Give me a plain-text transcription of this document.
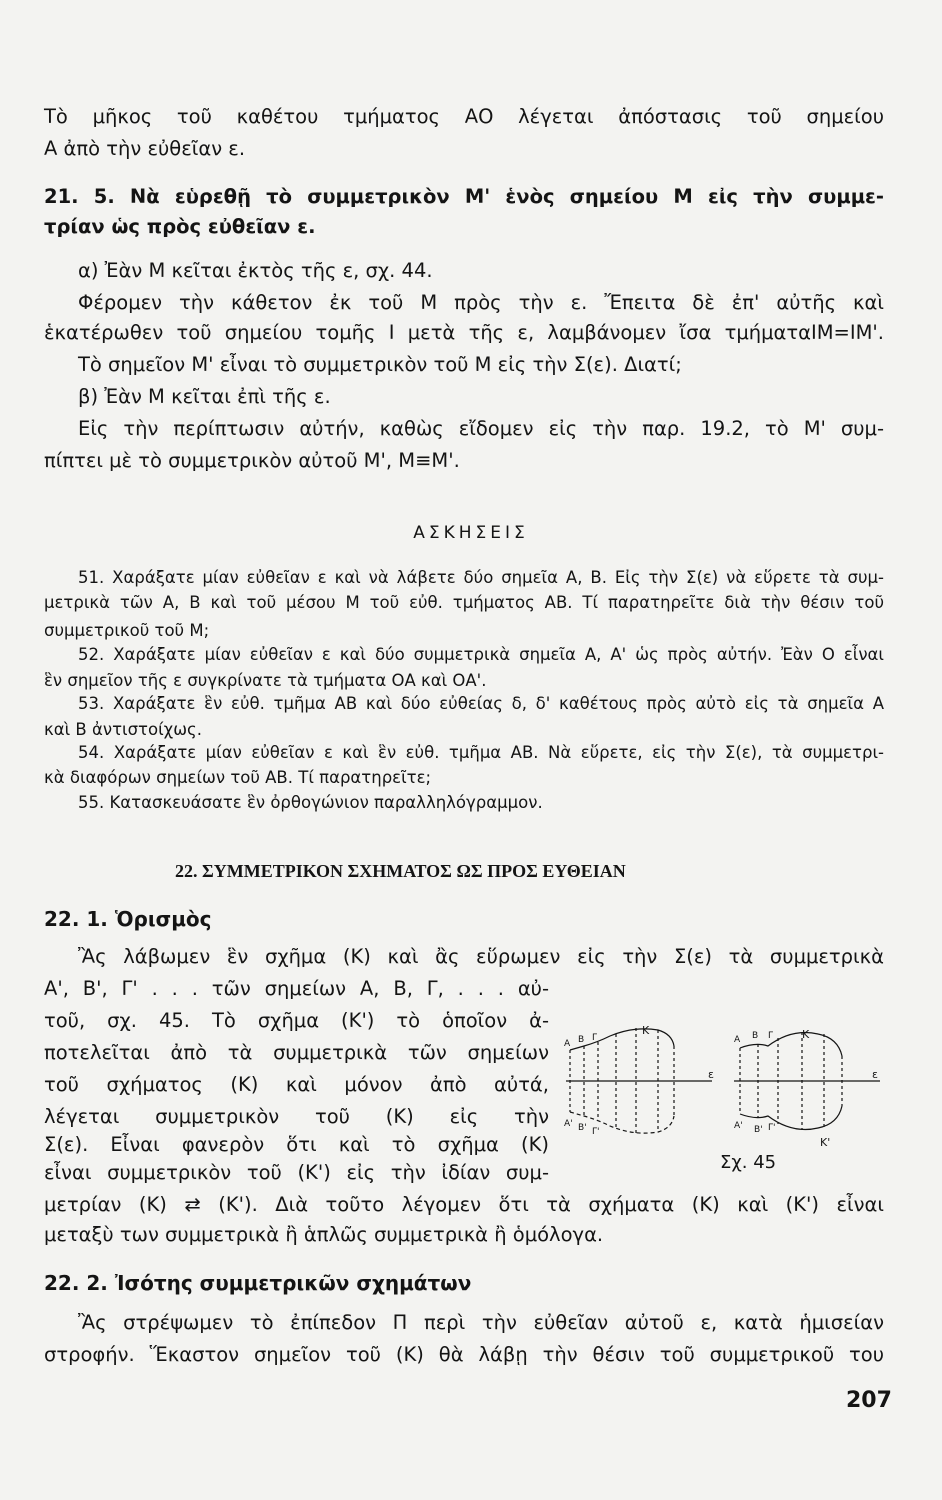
Τὸ μῆκος τοῦ καθέτου τμήματος ΑΟ λέγεται ἀπόστασις τοῦ σημείου
Α ἀπὸ τὴν εὐθεῖαν ε.
21. 5. Νὰ εὑρεθῇ τὸ συμμετρικὸν Μ' ἑνὸς σημείου Μ εἰς τὴν συμμε-
τρίαν ὡς πρὸς εὐθεῖαν ε.
α) Ἐὰν Μ κεῖται ἐκτὸς τῆς ε, σχ. 44.
Φέρομεν τὴν κάθετον ἐκ τοῦ Μ πρὸς τὴν ε. Ἔπειτα δὲ ἐπ' αὐτῆς καὶ
ἑκατέρωθεν τοῦ σημείου τομῆς Ι μετὰ τῆς ε, λαμβάνομεν ἴσα τμήματαΙΜ=ΙΜ'.
Τὸ σημεῖον Μ' εἶναι τὸ συμμετρικὸν τοῦ Μ εἰς τὴν Σ(ε). Διατί;
β) Ἐὰν Μ κεῖται ἐπὶ τῆς ε.
Εἰς τὴν περίπτωσιν αὐτήν, καθὼς εἴδομεν εἰς τὴν παρ. 19.2, τὸ Μ' συμ-
πίπτει μὲ τὸ συμμετρικὸν αὐτοῦ Μ', Μ≡Μ'.
ΑΣΚΗΣΕΙΣ
51. Χαράξατε μίαν εὐθεῖαν ε καὶ νὰ λάβετε δύο σημεῖα Α, Β. Εἰς τὴν Σ(ε) νὰ εὕρετε τὰ συμ-
μετρικὰ τῶν Α, Β καὶ τοῦ μέσου Μ τοῦ εὐθ. τμήματος ΑΒ. Τί παρατηρεῖτε διὰ τὴν θέσιν τοῦ
συμμετρικοῦ τοῦ Μ;
52. Χαράξατε μίαν εὐθεῖαν ε καὶ δύο συμμετρικὰ σημεῖα Α, Α' ὡς πρὸς αὐτήν. Ἐὰν Ο εἶναι
ἓν σημεῖον τῆς ε συγκρίνατε τὰ τμήματα ΟΑ καὶ ΟΑ'.
53. Χαράξατε ἓν εὐθ. τμῆμα ΑΒ καὶ δύο εὐθείας δ, δ' καθέτους πρὸς αὐτὸ εἰς τὰ σημεῖα Α
καὶ Β ἀντιστοίχως.
54. Χαράξατε μίαν εὐθεῖαν ε καὶ ἓν εὐθ. τμῆμα ΑΒ. Νὰ εὕρετε, εἰς τὴν Σ(ε), τὰ συμμετρι-
κὰ διαφόρων σημείων τοῦ ΑΒ. Τί παρατηρεῖτε;
55. Κατασκευάσατε ἓν ὀρθογώνιον παραλληλόγραμμον.
22. ΣΥΜΜΕΤΡΙΚΟΝ ΣΧΗΜΑΤΟΣ ΩΣ ΠΡΟΣ ΕΥΘΕΙΑΝ
22. 1. Ὁρισμὸς
Ἂς λάβωμεν ἓν σχῆμα (Κ) καὶ ἂς εὕρωμεν εἰς τὴν Σ(ε) τὰ συμμετρικὰ
Α', Β', Γ' . . . τῶν σημείων Α, Β, Γ, . . . αὐ-
τοῦ, σχ. 45. Τὸ σχῆμα (Κ') τὸ ὁποῖον ἀ-
ποτελεῖται ἀπὸ τὰ συμμετρικὰ τῶν σημείων
τοῦ σχήματος (Κ) καὶ μόνον ἀπὸ αὐτά,
λέγεται συμμετρικὸν τοῦ (Κ) εἰς τὴν
Σ(ε). Εἶναι φανερὸν ὅτι καὶ τὸ σχῆμα (Κ)
εἶναι συμμετρικὸν τοῦ (Κ') εἰς τὴν ἰδίαν συμ-
μετρίαν (Κ) ⇄ (Κ'). Διὰ τοῦτο λέγομεν ὅτι τὰ σχήματα (Κ) καὶ (Κ') εἶναι
μεταξὺ των συμμετρικὰ ἢ ἁπλῶς συμμετρικὰ ἢ ὁμόλογα.
22. 2. Ἰσότης συμμετρικῶν σχημάτων
Ἂς στρέψωμεν τὸ ἐπίπεδον Π περὶ τὴν εὐθεῖαν αὐτοῦ ε, κατὰ ἡμισείαν
στροφήν. Ἕκαστον σημεῖον τοῦ (Κ) θὰ λάβῃ τὴν θέσιν τοῦ συμμετρικοῦ του
Κ
ε
Α Β Γ
Α' Β' Γ'
Κ
Κ'
ε
Α Β Γ
Α' Β' Γ'
Σχ. 45
207
